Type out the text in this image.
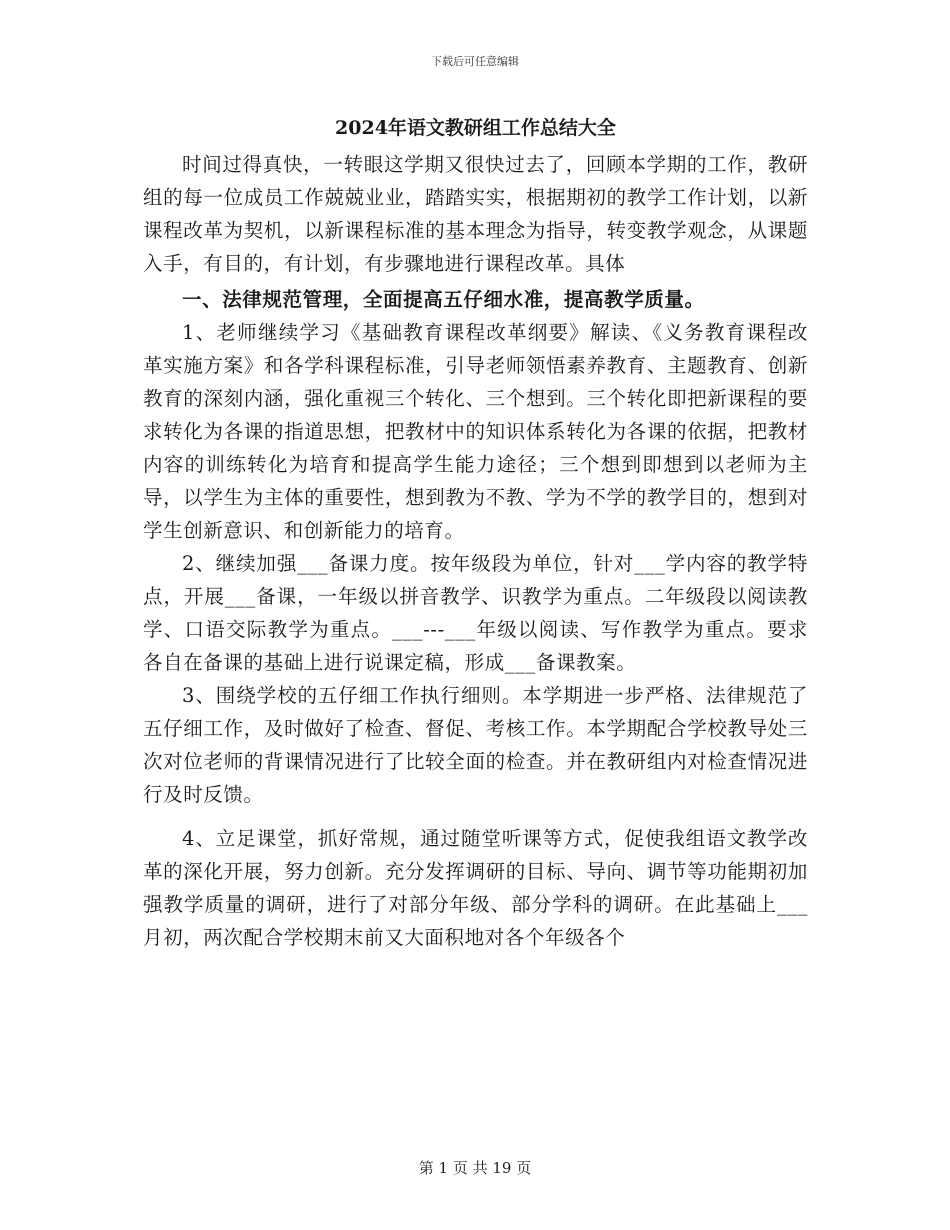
下载后可任意编辑
2024年语文教研组工作总结大全

时间过得真快，一转眼这学期又很快过去了，回顾本学期的工作，教研组的每一位成员工作兢兢业业，踏踏实实，根据期初的教学工作计划，以新课程改革为契机，以新课程标准的基本理念为指导，转变教学观念，从课题入手，有目的，有计划，有步骤地进行课程改革。具体

一、法律规范管理，全面提高五仔细水准，提高教学质量。

1、老师继续学习《基础教育课程改革纲要》解读、《义务教育课程改革实施方案》和各学科课程标准，引导老师领悟素养教育、主题教育、创新教育的深刻内涵，强化重视三个转化、三个想到。三个转化即把新课程的要求转化为各课的指道思想，把教材中的知识体系转化为各课的依据，把教材内容的训练转化为培育和提高学生能力途径；三个想到即想到以老师为主导，以学生为主体的重要性，想到教为不教、学为不学的教学目的，想到对学生创新意识、和创新能力的培育。

2、继续加强___备课力度。按年级段为单位，针对___学内容的教学特点，开展___备课，一年级以拼音教学、识教学为重点。二年级段以阅读教学、口语交际教学为重点。___---___年级以阅读、写作教学为重点。要求各自在备课的基础上进行说课定稿，形成___备课教案。

3、围绕学校的五仔细工作执行细则。本学期进一步严格、法律规范了五仔细工作，及时做好了检查、督促、考核工作。本学期配合学校教导处三次对位老师的背课情况进行了比较全面的检查。并在教研组内对检查情况进行及时反馈。

4、立足课堂，抓好常规，通过随堂听课等方式，促使我组语文教学改革的深化开展，努力创新。充分发挥调研的目标、导向、调节等功能期初加强教学质量的调研，进行了对部分年级、部分学科的调研。在此基础上___月初，两次配合学校期末前又大面积地对各个年级各个

第 1 页 共 19 页
